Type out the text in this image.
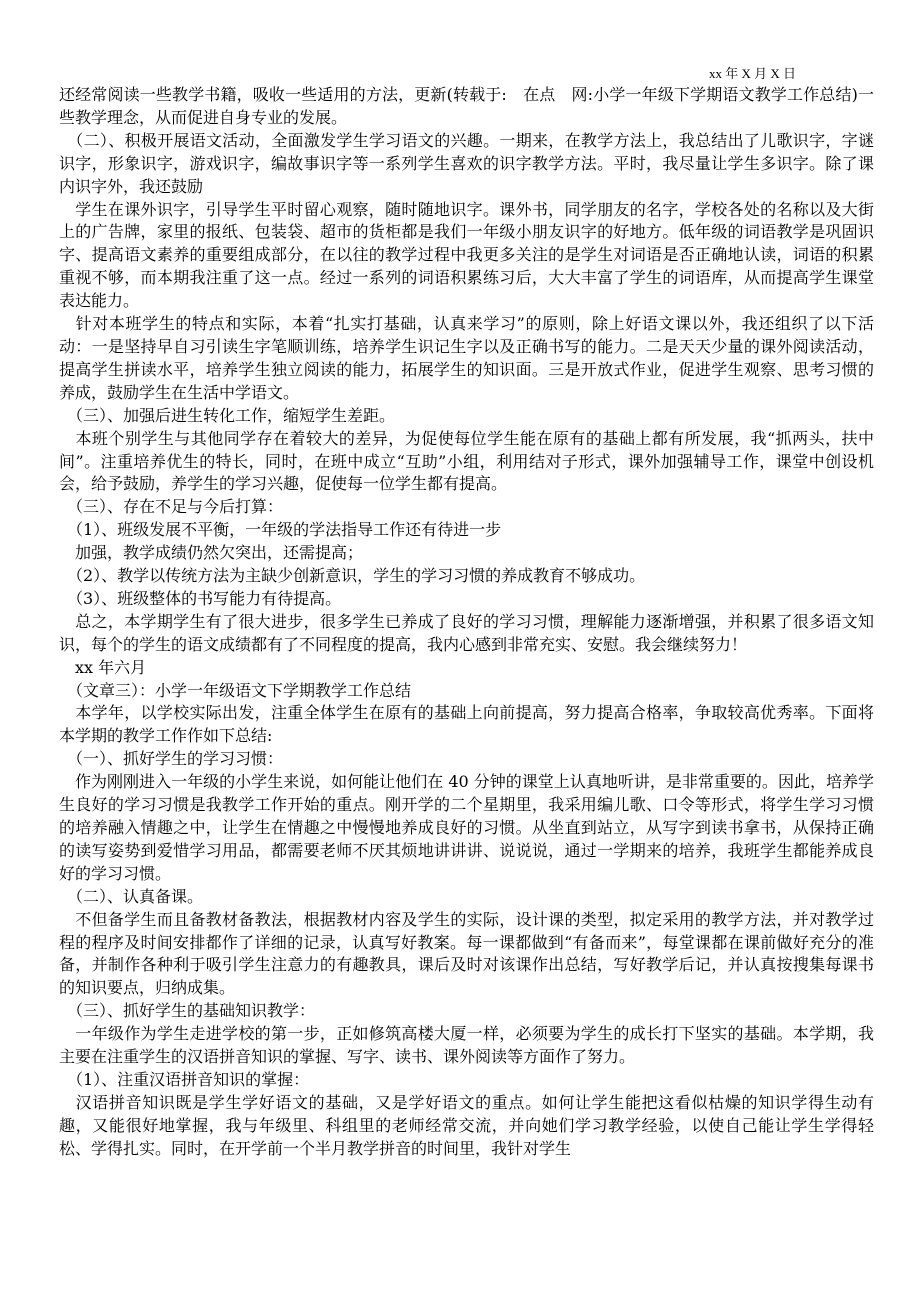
xx 年 X 月 X 日

还经常阅读一些教学书籍，吸收一些适用的方法，更新(转载于:　在点　网:小学一年级下学期语文教学工作总结)一些教学理念，从而促进自身专业的发展。

　（二）、积极开展语文活动，全面激发学生学习语文的兴趣。一期来，在教学方法上，我总结出了儿歌识字，字谜识字，形象识字，游戏识字，编故事识字等一系列学生喜欢的识字教学方法。平时，我尽量让学生多识字。除了课内识字外，我还鼓励

　学生在课外识字，引导学生平时留心观察，随时随地识字。课外书，同学朋友的名字，学校各处的名称以及大街上的广告牌，家里的报纸、包装袋、超市的货柜都是我们一年级小朋友识字的好地方。低年级的词语教学是巩固识字、提高语文素养的重要组成部分，在以往的教学过程中我更多关注的是学生对词语是否正确地认读，词语的积累重视不够，而本期我注重了这一点。经过一系列的词语积累练习后，大大丰富了学生的词语库，从而提高学生课堂表达能力。

　针对本班学生的特点和实际，本着“扎实打基础，认真来学习”的原则，除上好语文课以外，我还组织了以下活动：一是坚持早自习引读生字笔顺训练，培养学生识记生字以及正确书写的能力。二是天天少量的课外阅读活动，提高学生拼读水平，培养学生独立阅读的能力，拓展学生的知识面。三是开放式作业，促进学生观察、思考习惯的养成，鼓励学生在生活中学语文。

　（三）、加强后进生转化工作，缩短学生差距。

　本班个别学生与其他同学存在着较大的差异，为促使每位学生能在原有的基础上都有所发展，我“抓两头，扶中间”。注重培养优生的特长，同时，在班中成立“互助”小组，利用结对子形式，课外加强辅导工作，课堂中创设机会，给予鼓励，养学生的学习兴趣，促使每一位学生都有提高。

　（三）、存在不足与今后打算：

　（1）、班级发展不平衡，一年级的学法指导工作还有待进一步

　加强，教学成绩仍然欠突出，还需提高；

　（2）、教学以传统方法为主缺少创新意识，学生的学习习惯的养成教育不够成功。

　（3）、班级整体的书写能力有待提高。

　总之，本学期学生有了很大进步，很多学生已养成了良好的学习习惯，理解能力逐渐增强，并积累了很多语文知识，每个的学生的语文成绩都有了不同程度的提高，我内心感到非常充实、安慰。我会继续努力！

　xx 年六月

　（文章三）：小学一年级语文下学期教学工作总结

　本学年，以学校实际出发，注重全体学生在原有的基础上向前提高，努力提高合格率，争取较高优秀率。下面将本学期的教学工作作如下总结:

　（一）、抓好学生的学习习惯：

　作为刚刚进入一年级的小学生来说，如何能让他们在 40 分钟的课堂上认真地听讲，是非常重要的。因此，培养学生良好的学习习惯是我教学工作开始的重点。刚开学的二个星期里，我采用编儿歌、口令等形式，将学生学习习惯的培养融入情趣之中，让学生在情趣之中慢慢地养成良好的习惯。从坐直到站立，从写字到读书拿书，从保持正确的读写姿势到爱惜学习用品，都需要老师不厌其烦地讲讲讲、说说说，通过一学期来的培养，我班学生都能养成良好的学习习惯。

　（二）、认真备课。

　不但备学生而且备教材备教法，根据教材内容及学生的实际，设计课的类型，拟定采用的教学方法，并对教学过程的程序及时间安排都作了详细的记录，认真写好教案。每一课都做到“有备而来”，每堂课都在课前做好充分的准备，并制作各种利于吸引学生注意力的有趣教具，课后及时对该课作出总结，写好教学后记，并认真按搜集每课书的知识要点，归纳成集。

　（三）、抓好学生的基础知识教学：

　一年级作为学生走进学校的第一步，正如修筑高楼大厦一样，必须要为学生的成长打下坚实的基础。本学期，我主要在注重学生的汉语拼音知识的掌握、写字、读书、课外阅读等方面作了努力。

　（1）、注重汉语拼音知识的掌握：

　汉语拼音知识既是学生学好语文的基础，又是学好语文的重点。如何让学生能把这看似枯燥的知识学得生动有趣，又能很好地掌握，我与年级里、科组里的老师经常交流，并向她们学习教学经验，以使自己能让学生学得轻松、学得扎实。同时，在开学前一个半月教学拼音的时间里，我针对学生
